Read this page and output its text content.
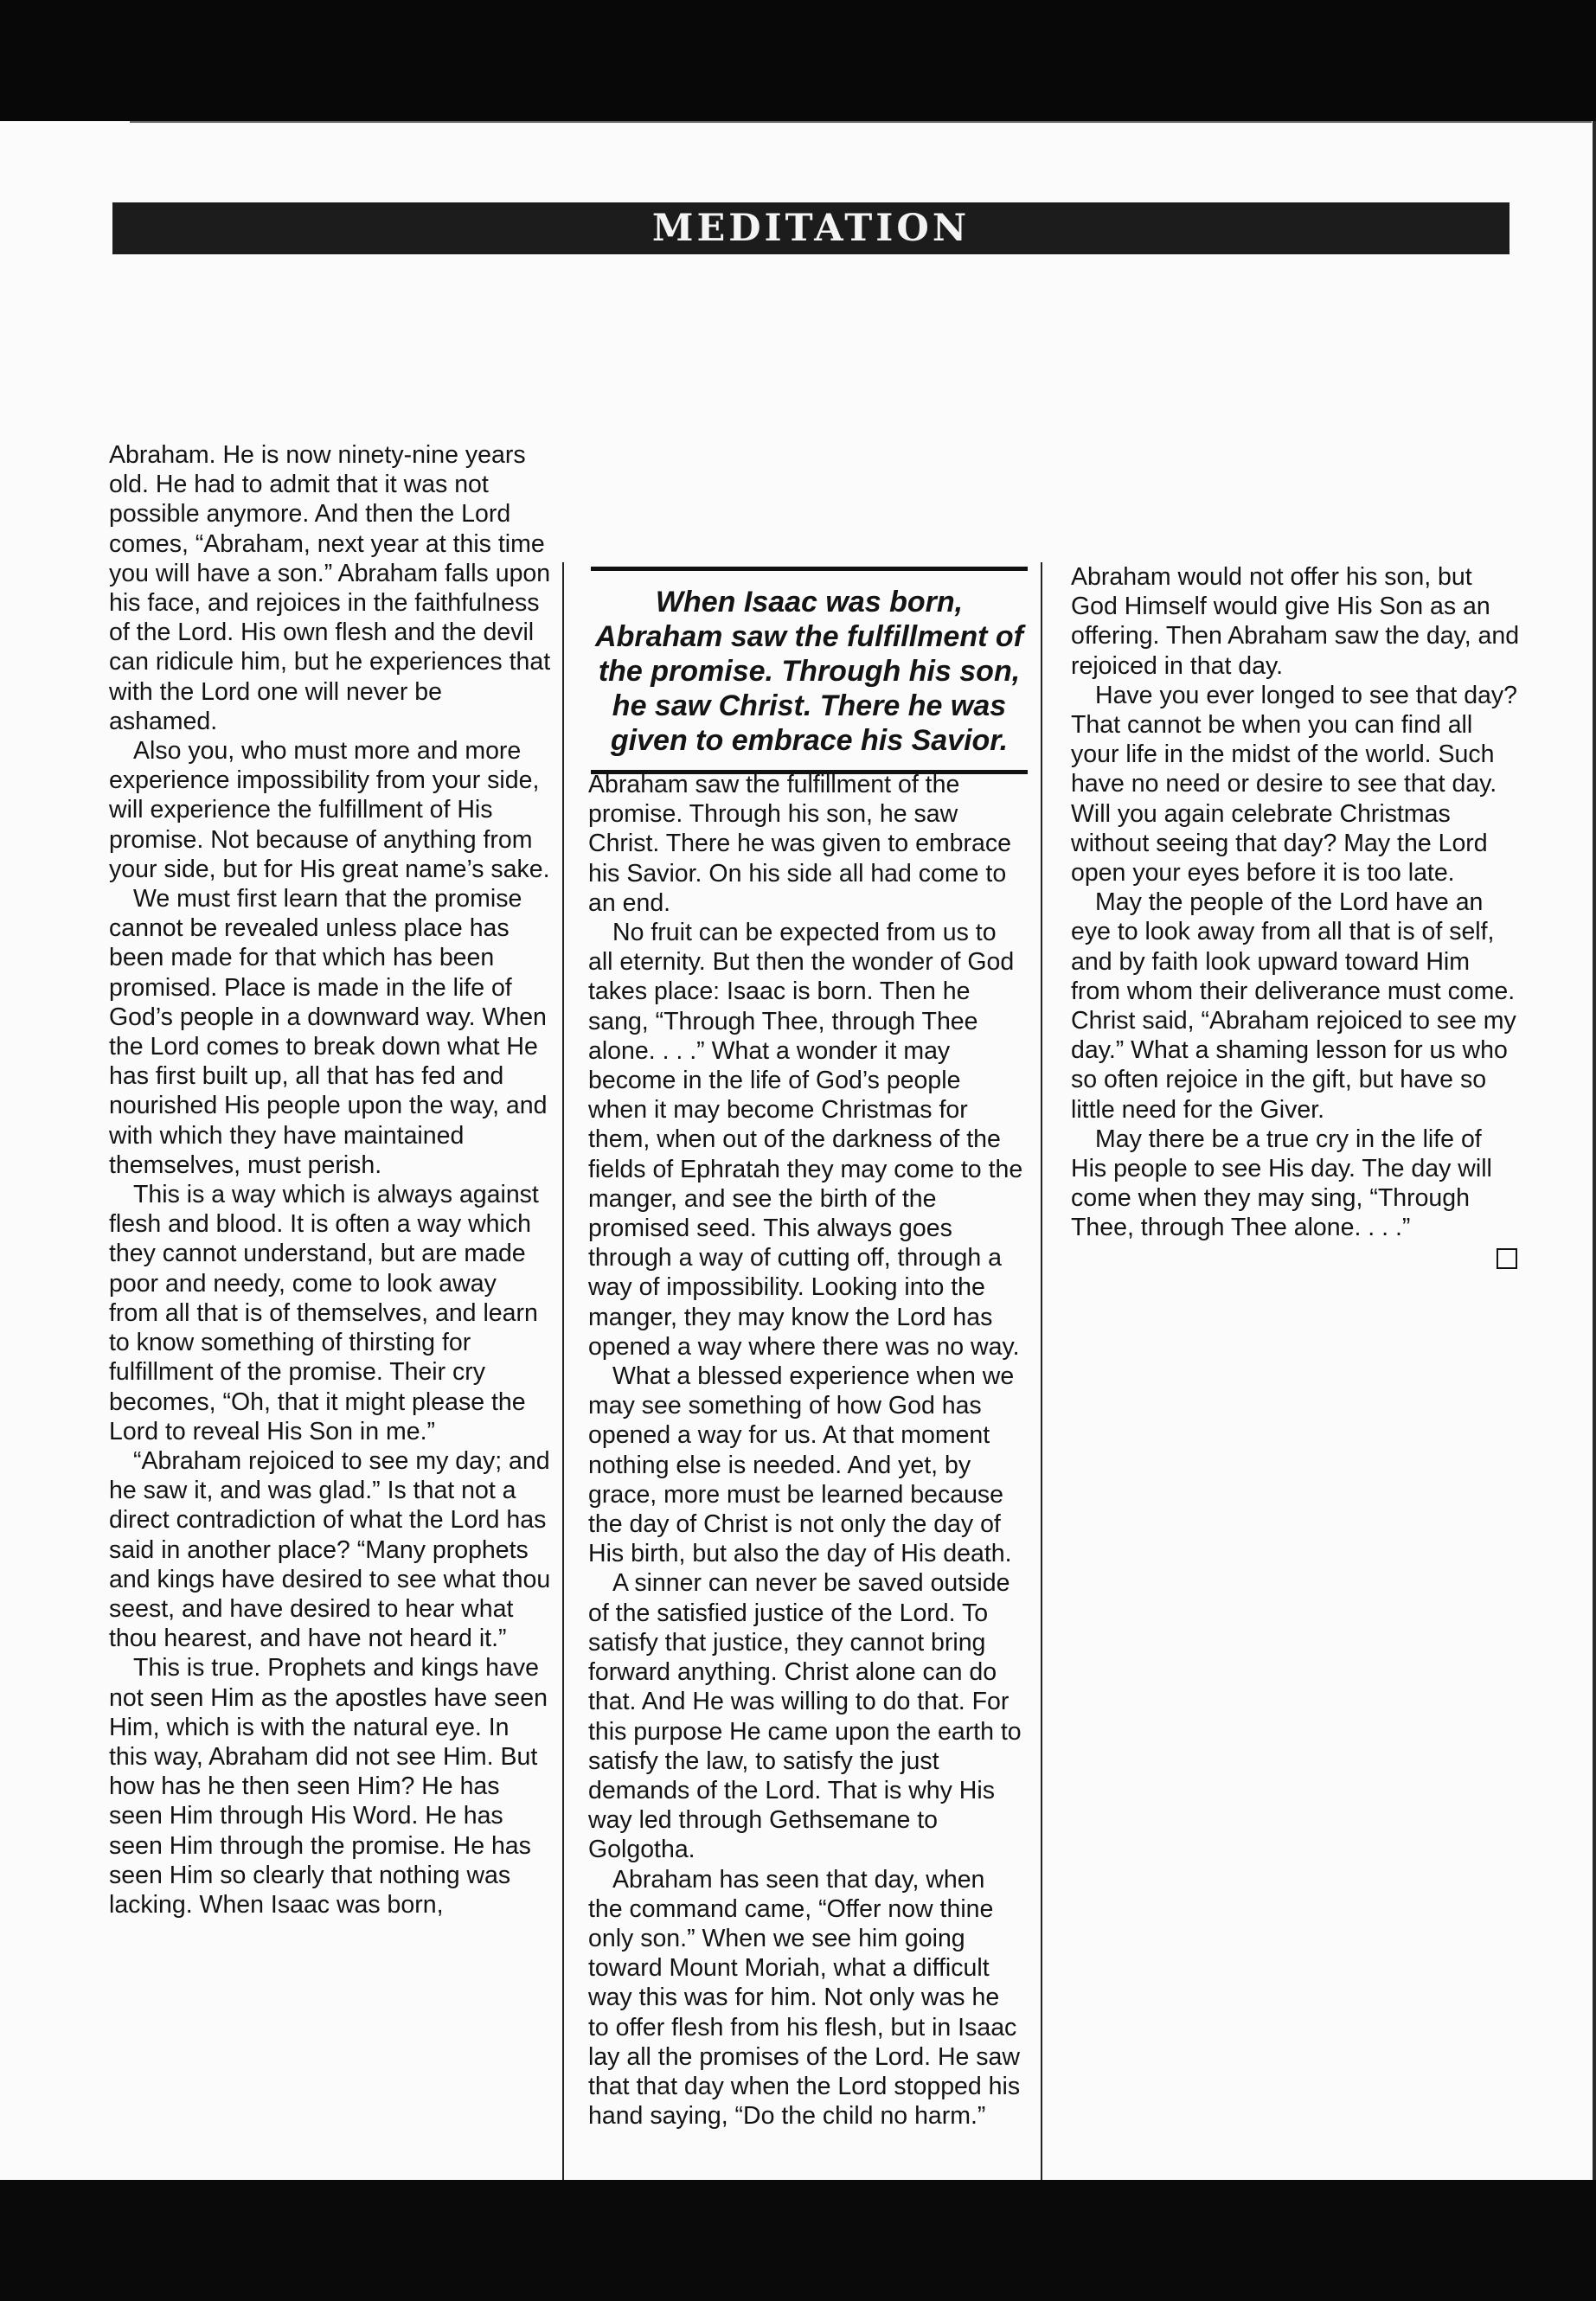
MEDITATION

Abraham. He is now ninety-nine years old. He had to admit that it was not possible anymore. And then the Lord comes, “Abraham, next year at this time you will have a son.” Abraham falls upon his face, and rejoices in the faithfulness of the Lord. His own flesh and the devil can ridicule him, but he experiences that with the Lord one will never be ashamed.

Also you, who must more and more experience impossibility from your side, will experience the fulfillment of His promise. Not because of anything from your side, but for His great name’s sake.

We must first learn that the promise cannot be revealed unless place has been made for that which has been promised. Place is made in the life of God’s people in a downward way. When the Lord comes to break down what He has first built up, all that has fed and nourished His people upon the way, and with which they have maintained themselves, must perish.

This is a way which is always against flesh and blood. It is often a way which they cannot understand, but are made poor and needy, come to look away from all that is of themselves, and learn to know something of thirsting for fulfillment of the promise. Their cry becomes, “Oh, that it might please the Lord to reveal His Son in me.”

“Abraham rejoiced to see my day; and he saw it, and was glad.” Is that not a direct contradiction of what the Lord has said in another place? “Many prophets and kings have desired to see what thou seest, and have desired to hear what thou hearest, and have not heard it.”

This is true. Prophets and kings have not seen Him as the apostles have seen Him, which is with the natural eye. In this way, Abraham did not see Him. But how has he then seen Him? He has seen Him through His Word. He has seen Him through the promise. He has seen Him so clearly that nothing was lacking. When Isaac was born,

When Isaac was born, Abraham saw the fulfillment of the promise. Through his son, he saw Christ. There he was given to embrace his Savior.

Abraham saw the fulfillment of the promise. Through his son, he saw Christ. There he was given to embrace his Savior. On his side all had come to an end.

No fruit can be expected from us to all eternity. But then the wonder of God takes place: Isaac is born. Then he sang, “Through Thee, through Thee alone. . . .” What a wonder it may become in the life of God’s people when it may become Christmas for them, when out of the darkness of the fields of Ephratah they may come to the manger, and see the birth of the promised seed. This always goes through a way of cutting off, through a way of impossibility. Looking into the manger, they may know the Lord has opened a way where there was no way.

What a blessed experience when we may see something of how God has opened a way for us. At that moment nothing else is needed. And yet, by grace, more must be learned because the day of Christ is not only the day of His birth, but also the day of His death.

A sinner can never be saved outside of the satisfied justice of the Lord. To satisfy that justice, they cannot bring forward anything. Christ alone can do that. And He was willing to do that. For this purpose He came upon the earth to satisfy the law, to satisfy the just demands of the Lord. That is why His way led through Gethsemane to Golgotha.

Abraham has seen that day, when the command came, “Offer now thine only son.” When we see him going toward Mount Moriah, what a difficult way this was for him. Not only was he to offer flesh from his flesh, but in Isaac lay all the promises of the Lord. He saw that that day when the Lord stopped his hand saying, “Do the child no harm.”

Abraham would not offer his son, but God Himself would give His Son as an offering. Then Abraham saw the day, and rejoiced in that day.

Have you ever longed to see that day? That cannot be when you can find all your life in the midst of the world. Such have no need or desire to see that day. Will you again celebrate Christmas without seeing that day? May the Lord open your eyes before it is too late.

May the people of the Lord have an eye to look away from all that is of self, and by faith look upward toward Him from whom their deliverance must come. Christ said, “Abraham rejoiced to see my day.” What a shaming lesson for us who so often rejoice in the gift, but have so little need for the Giver.

May there be a true cry in the life of His people to see His day. The day will come when they may sing, “Through Thee, through Thee alone. . . .”
